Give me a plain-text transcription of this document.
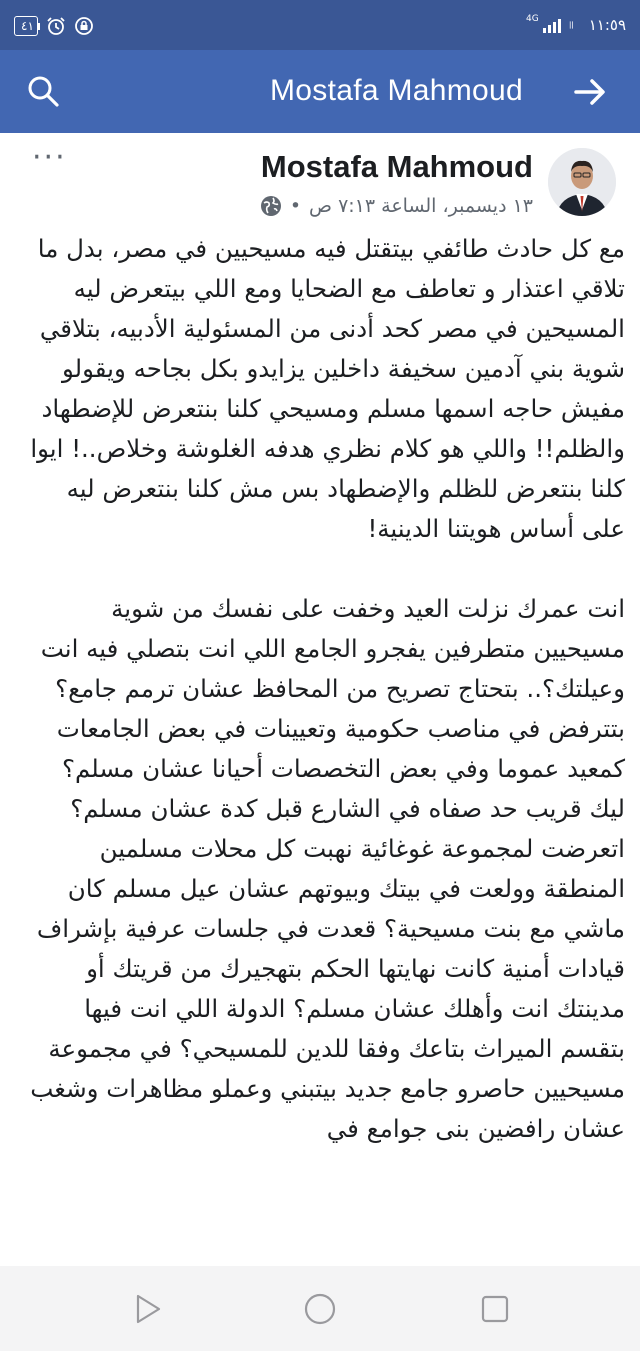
٤١	4G	١١:٥٩
Mostafa Mahmoud
···	Mostafa Mahmoud
١٣ ديسمبر، الساعة ٧:١٣ ص
•

مع كل حادث طائفي بيتقتل فيه مسيحيين في مصر، بدل ما تلاقي اعتذار و تعاطف مع الضحايا ومع اللي بيتعرض ليه المسيحين في مصر كحد أدنى من المسئولية الأدبيه، بتلاقي شوية بني آدمين سخيفة داخلين يزايدو بكل بجاحه ويقولو مفيش حاجه اسمها مسلم ومسيحي كلنا بنتعرض للإضطهاد والظلم!! واللي هو كلام نظري هدفه الغلوشة وخلاص..! ايوا كلنا بنتعرض للظلم والإضطهاد بس مش كلنا بنتعرض ليه على أساس هويتنا الدينية!

انت عمرك نزلت العيد وخفت على نفسك من شوية مسيحيين متطرفين يفجرو الجامع اللي انت بتصلي فيه انت وعيلتك؟.. بتحتاج تصريح من المحافظ عشان ترمم جامع؟ بتترفض في مناصب حكومية وتعيينات في بعض الجامعات كمعيد عموما وفي بعض التخصصات أحيانا عشان مسلم؟ ليك قريب حد صفاه في الشارع قبل كدة عشان مسلم؟ اتعرضت لمجموعة غوغائية نهبت كل محلات مسلمين المنطقة وولعت في بيتك وبيوتهم عشان عيل مسلم كان ماشي مع بنت مسيحية؟ قعدت في جلسات عرفية بإشراف قيادات أمنية كانت نهايتها الحكم بتهجيرك من قريتك أو مدينتك انت وأهلك عشان مسلم؟ الدولة اللي انت فيها بتقسم الميراث بتاعك وفقا للدين للمسيحي؟ في مجموعة مسيحيين حاصرو جامع جديد بيتبني وعملو مظاهرات وشغب عشان رافضين بنى جوامع في
